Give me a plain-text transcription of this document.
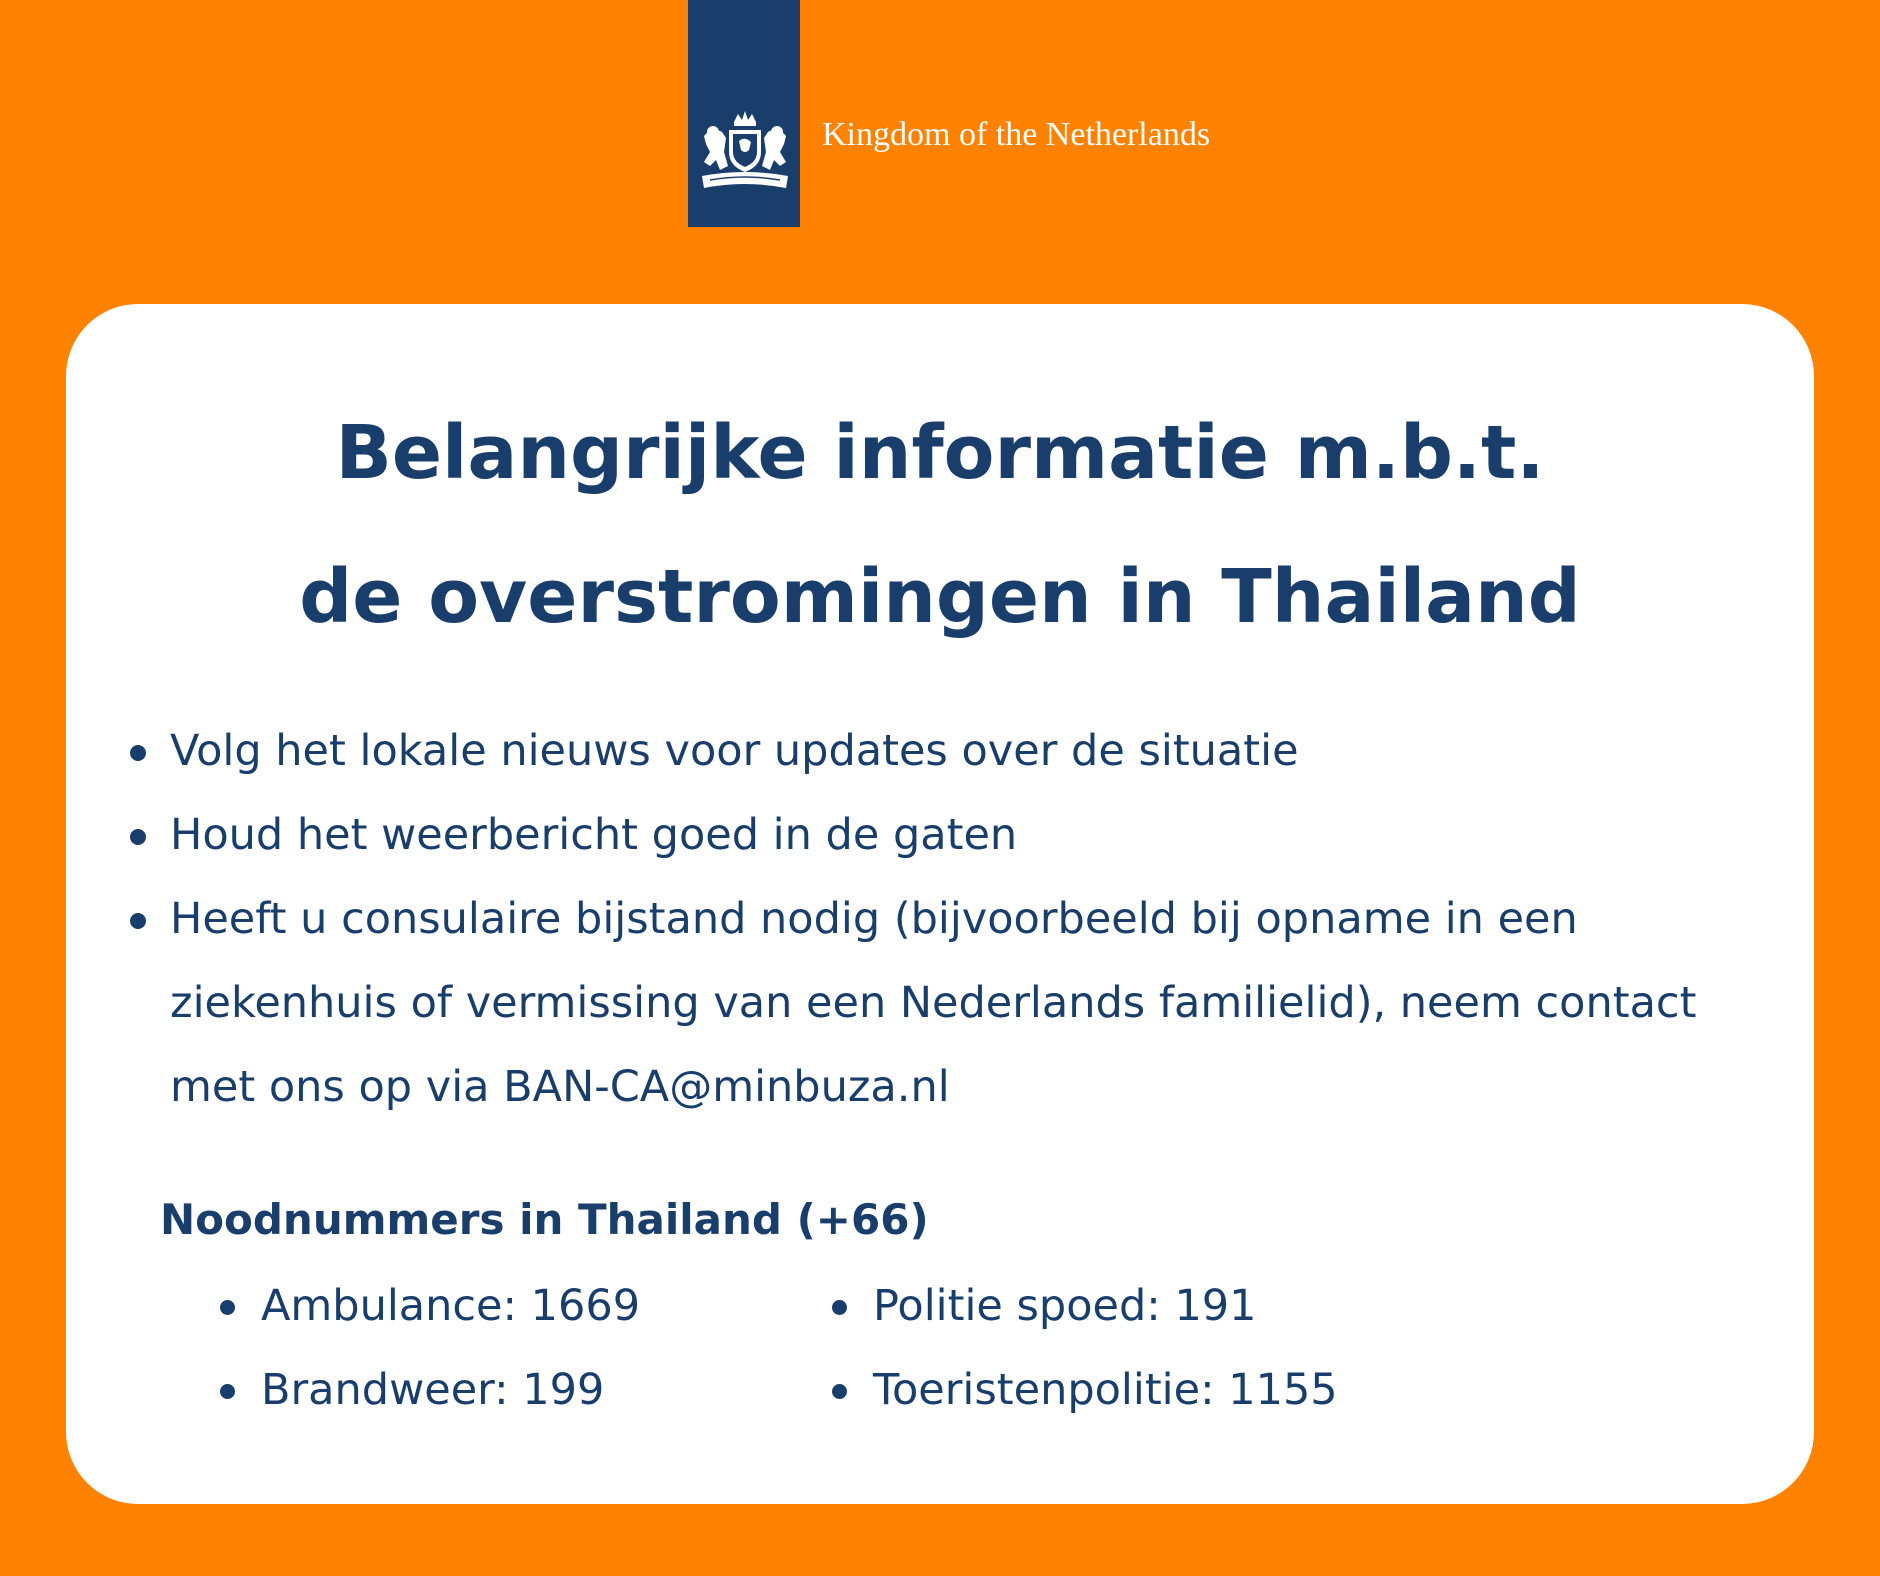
Kingdom of the Netherlands
Belangrijke informatie m.b.t.
de overstromingen in Thailand
Volg het lokale nieuws voor updates over de situatie
Houd het weerbericht goed in de gaten
Heeft u consulaire bijstand nodig (bijvoorbeeld bij opname in een ziekenhuis of vermissing van een Nederlands familielid), neem contact met ons op via BAN-CA@minbuza.nl
Noodnummers in Thailand (+66)
Ambulance: 1669	Politie spoed: 191
Brandweer: 199	Toeristenpolitie: 1155
